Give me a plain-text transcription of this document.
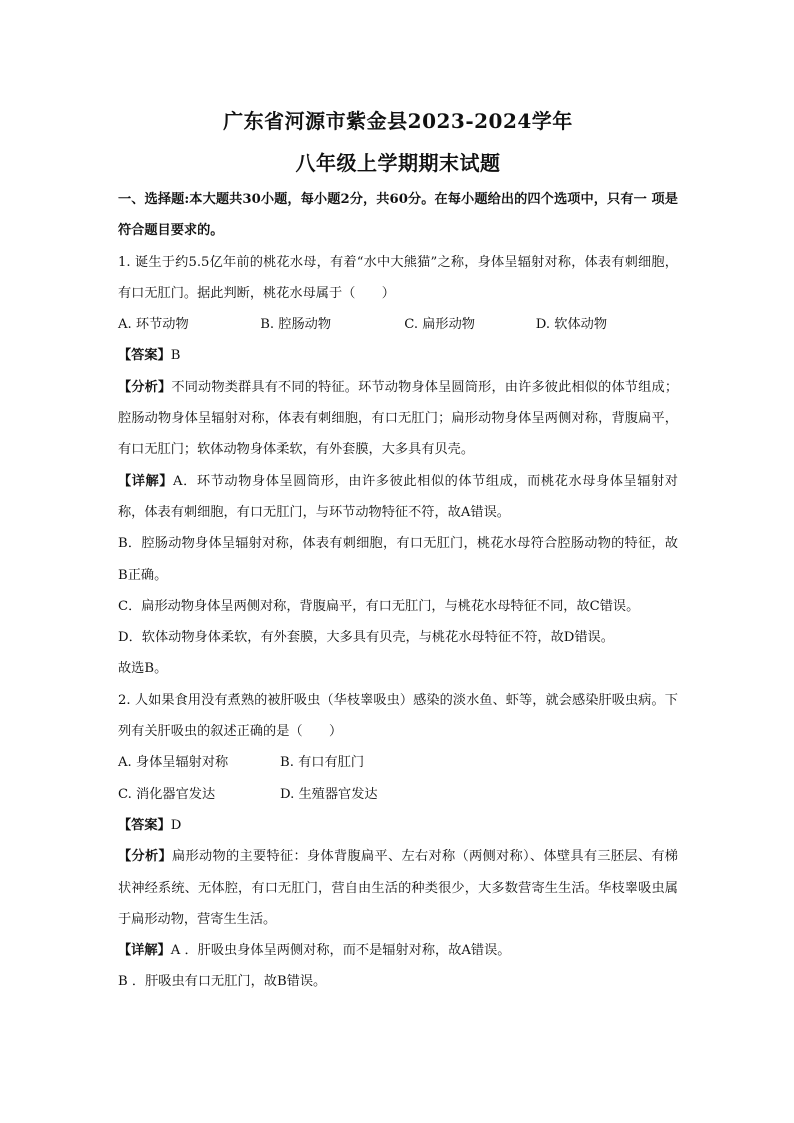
广东省河源市紫金县2023-2024学年
八年级上学期期末试题

一、选择题:本大题共30小题，每小题2分，共60分。在每小题给出的四个选项中，只有一 项是符合题目要求的。

1. 诞生于约5.5亿年前的桃花水母，有着“水中大熊猫”之称，身体呈辐射对称，体表有刺细胞，有口无肛门。据此判断，桃花水母属于（　　）

A. 环节动物	B. 腔肠动物	C. 扁形动物	D. 软体动物

【答案】B

【分析】不同动物类群具有不同的特征。环节动物身体呈圆筒形，由许多彼此相似的体节组成；腔肠动物身体呈辐射对称，体表有刺细胞，有口无肛门；扁形动物身体呈两侧对称，背腹扁平，有口无肛门；软体动物身体柔软，有外套膜，大多具有贝壳。

【详解】A．环节动物身体呈圆筒形，由许多彼此相似的体节组成，而桃花水母身体呈辐射对称，体表有刺细胞，有口无肛门，与环节动物特征不符，故A错误。

B．腔肠动物身体呈辐射对称，体表有刺细胞，有口无肛门，桃花水母符合腔肠动物的特征，故B正确。

C．扁形动物身体呈两侧对称，背腹扁平，有口无肛门，与桃花水母特征不同，故C错误。

D．软体动物身体柔软，有外套膜，大多具有贝壳，与桃花水母特征不符，故D错误。

故选B。

2. 人如果食用没有煮熟的被肝吸虫（华枝睾吸虫）感染的淡水鱼、虾等，就会感染肝吸虫病。下列有关肝吸虫的叙述正确的是（　　）

A. 身体呈辐射对称	B. 有口有肛门
C. 消化器官发达	D. 生殖器官发达

【答案】D

【分析】扁形动物的主要特征：身体背腹扁平、左右对称（两侧对称）、体壁具有三胚层、有梯状神经系统、无体腔，有口无肛门，营自由生活的种类很少，大多数营寄生生活。华枝睾吸虫属于扁形动物，营寄生生活。

【详解】A ．肝吸虫身体呈两侧对称，而不是辐射对称，故A错误。

B ．肝吸虫有口无肛门，故B错误。
